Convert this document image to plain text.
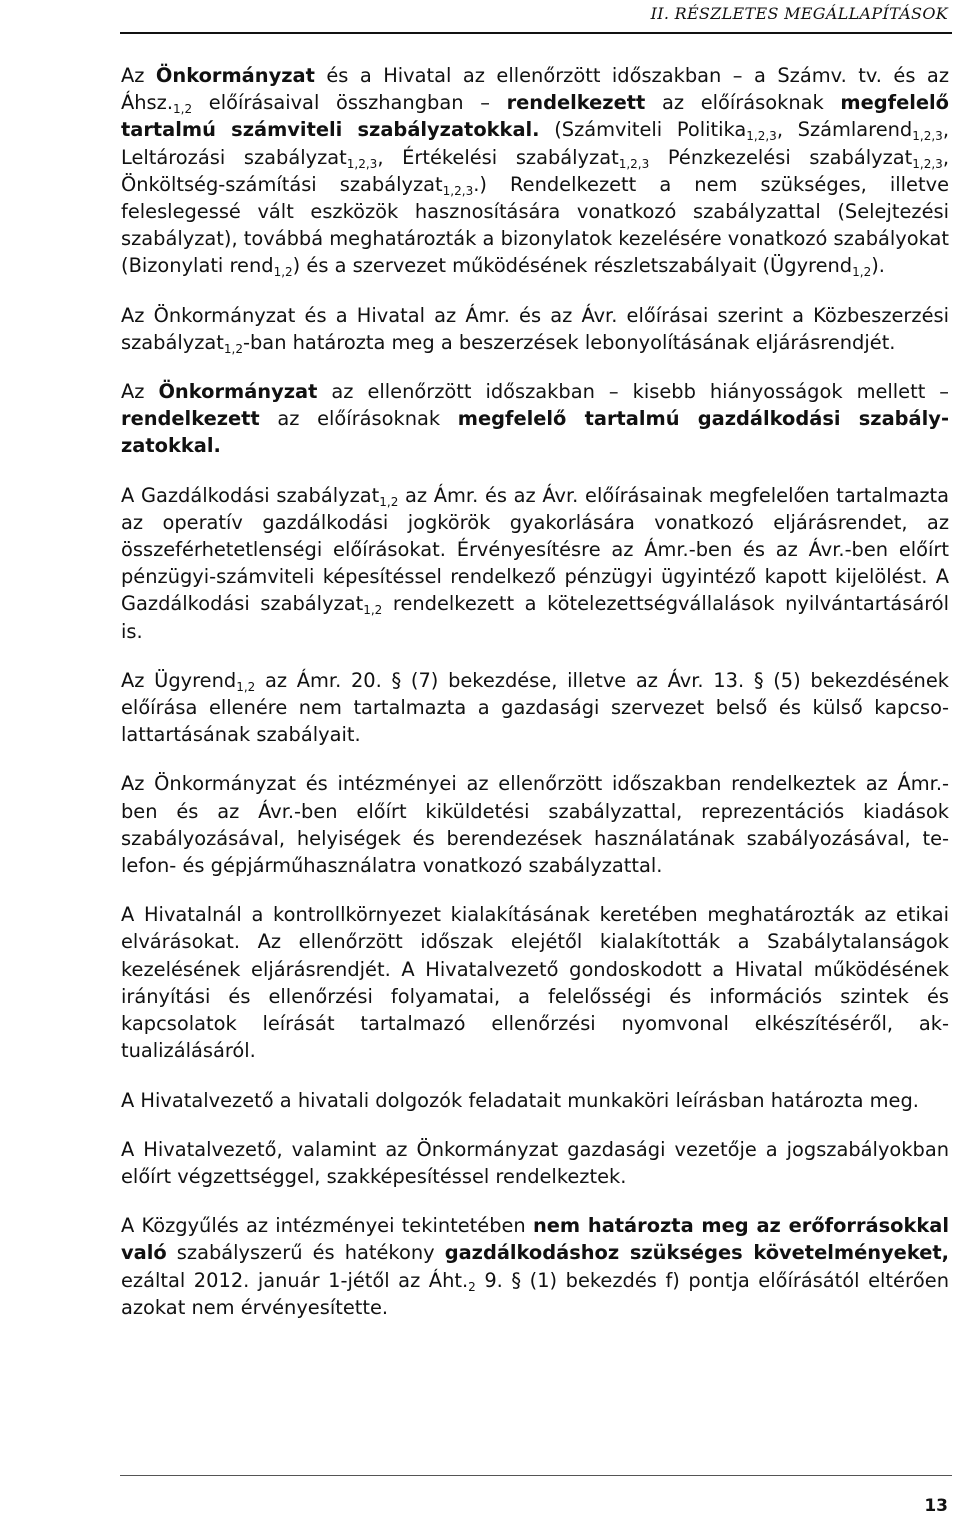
II. RÉSZLETES MEGÁLLAPÍTÁSOK

Az Önkormányzat és a Hivatal az ellenőrzött időszakban – a Számv. tv. és az $Áhsz._{1,2}$ előírásaival összhangban – rendelkezett az előírásoknak megfelelő tartalmú számviteli szabályzatokkal. (Számviteli Politika$_{1,2,3}$, Számlarend$_{1,2,3}$, Leltározási szabályzat$_{1,2,3}$, Értékelési szabályzat$_{1,2,3}$ Pénzkezelési szabályzat$_{1,2,3}$, Önköltség-számítási szabályzat$_{1,2,3}$.) Rendelkezett a nem szükséges, illetve feleslegessé vált eszközök hasznosítására vonatkozó szabályzattal (Selejtezési szabályzat), továbbá meghatározták a bizonylatok kezelésére vonatkozó szabályokat (Bizonylati rend$_{1,2}$) és a szervezet működésének részletszabályait (Ügyrend$_{1,2}$).

Az Önkormányzat és a Hivatal az Ámr. és az Ávr. előírásai szerint a Közbeszerzési szabályzat$_{1,2}$-ban határozta meg a beszerzések lebonyolításának eljárásrendjét.

Az Önkormányzat az ellenőrzött időszakban – kisebb hiányosságok mellett – rendelkezett az előírásoknak megfelelő tartalmú gazdálkodási szabályzatokkal.

A Gazdálkodási szabályzat$_{1,2}$ az Ámr. és az Ávr. előírásainak megfelelően tartalmazta az operatív gazdálkodási jogkörök gyakorlására vonatkozó eljárásrendet, az összeférhetetlenségi előírásokat. Érvényesítésre az Ámr.-ben és az Ávr.-ben előírt pénzügyi-számviteli képesítéssel rendelkező pénzügyi ügyintéző kapott kijelölést. A Gazdálkodási szabályzat$_{1,2}$ rendelkezett a kötelezettségvállalások nyilvántartásáról is.

Az Ügyrend$_{1,2}$ az Ámr. 20. § (7) bekezdése, illetve az Ávr. 13. § (5) bekezdésének előírása ellenére nem tartalmazta a gazdasági szervezet belső és külső kapcsolattartásának szabályait.

Az Önkormányzat és intézményei az ellenőrzött időszakban rendelkeztek az Ámr.-ben és az Ávr.-ben előírt kiküldetési szabályzattal, reprezentációs kiadások szabályozásával, helyiségek és berendezések használatának szabályozásával, telefon- és gépjárműhasználatra vonatkozó szabályzattal.

A Hivatalnál a kontrollkörnyezet kialakításának keretében meghatározták az etikai elvárásokat. Az ellenőrzött időszak elejétől kialakították a Szabálytalanságok kezelésének eljárásrendjét. A Hivatalvezető gondoskodott a Hivatal működésének irányítási és ellenőrzési folyamatai, a felelősségi és információs szintek és kapcsolatok leírását tartalmazó ellenőrzési nyomvonal elkészítéséről, aktualizálásáról.

A Hivatalvezető a hivatali dolgozók feladatait munkaköri leírásban határozta meg.

A Hivatalvezető, valamint az Önkormányzat gazdasági vezetője a jogszabályokban előírt végzettséggel, szakképesítéssel rendelkeztek.

A Közgyűlés az intézményei tekintetében nem határozta meg az erőforrásokkal való szabályszerű és hatékony gazdálkodáshoz szükséges követelményeket, ezáltal 2012. január 1-jétől az $Áht._2$ 9. § (1) bekezdés f) pontja előírásától eltérően azokat nem érvényesítette.

13
